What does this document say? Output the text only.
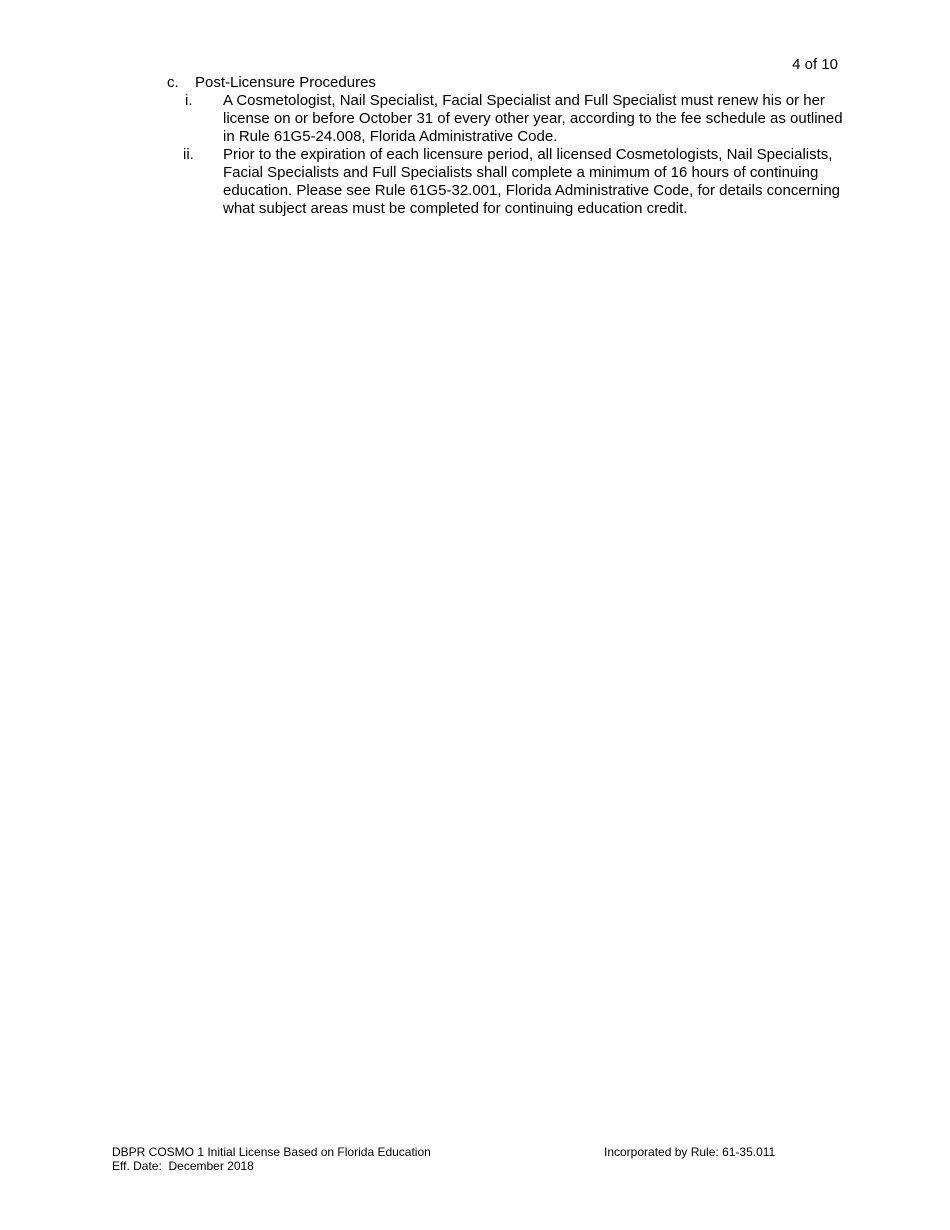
4 of 10
c.	Post-Licensure Procedures
i.	A Cosmetologist, Nail Specialist, Facial Specialist and Full Specialist must renew his or her license on or before October 31 of every other year, according to the fee schedule as outlined in Rule 61G5-24.008, Florida Administrative Code.
ii.	Prior to the expiration of each licensure period, all licensed Cosmetologists, Nail Specialists, Facial Specialists and Full Specialists shall complete a minimum of 16 hours of continuing education. Please see Rule 61G5-32.001, Florida Administrative Code, for details concerning what subject areas must be completed for continuing education credit.
DBPR COSMO 1 Initial License Based on Florida Education
Eff. Date:  December 2018
Incorporated by Rule: 61-35.011
